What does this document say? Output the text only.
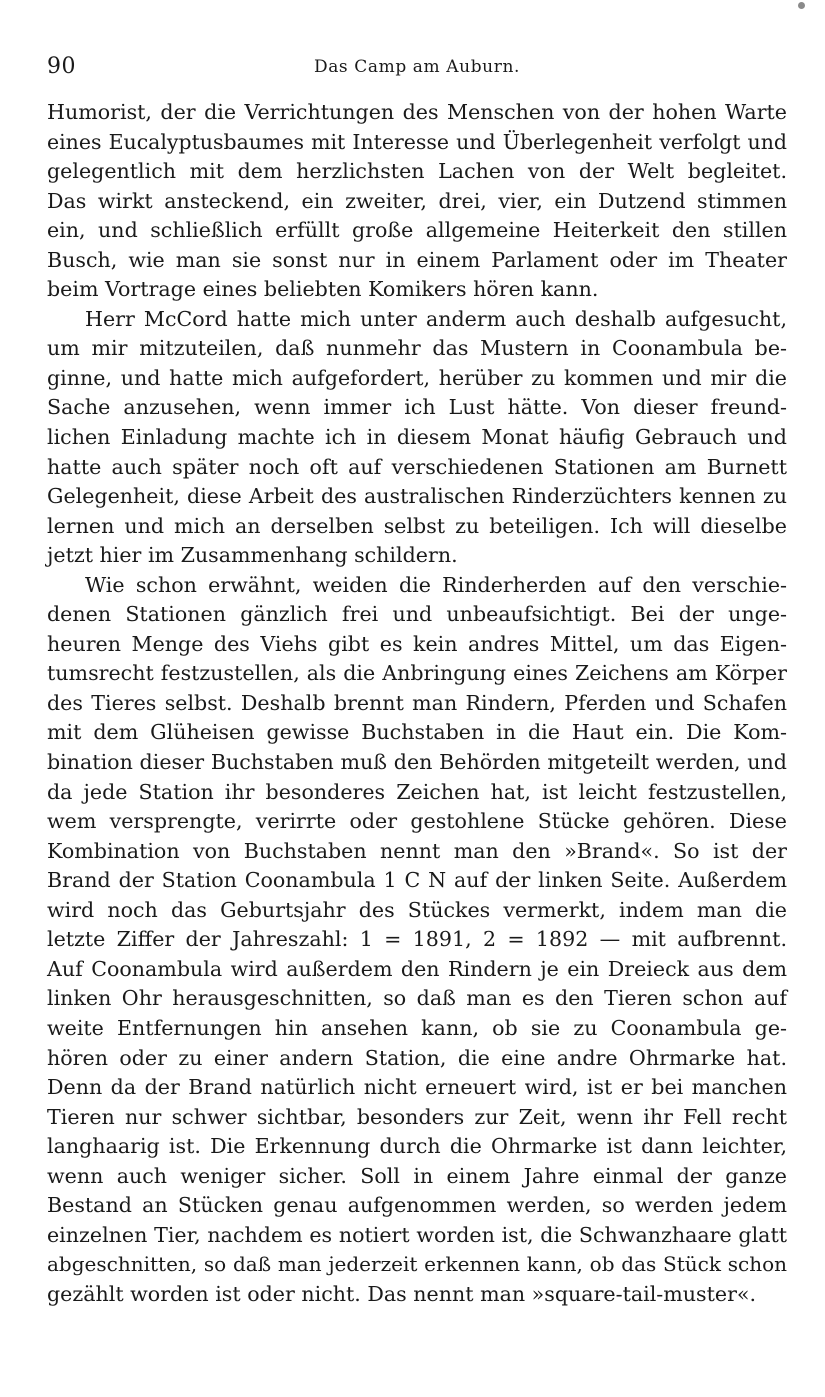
90	Das Camp am Auburn.

Humorist, der die Verrichtungen des Menschen von der hohen Warte
eines Eucalyptusbaumes mit Interesse und Überlegenheit verfolgt und
gelegentlich mit dem herzlichsten Lachen von der Welt begleitet.
Das wirkt ansteckend, ein zweiter, drei, vier, ein Dutzend stimmen
ein, und schließlich erfüllt große allgemeine Heiterkeit den stillen
Busch, wie man sie sonst nur in einem Parlament oder im Theater
beim Vortrage eines beliebten Komikers hören kann.

Herr McCord hatte mich unter anderm auch deshalb aufgesucht,
um mir mitzuteilen, daß nunmehr das Mustern in Coonambula be-
ginne, und hatte mich aufgefordert, herüber zu kommen und mir die
Sache anzusehen, wenn immer ich Lust hätte. Von dieser freund-
lichen Einladung machte ich in diesem Monat häufig Gebrauch und
hatte auch später noch oft auf verschiedenen Stationen am Burnett
Gelegenheit, diese Arbeit des australischen Rinderzüchters kennen zu
lernen und mich an derselben selbst zu beteiligen. Ich will dieselbe
jetzt hier im Zusammenhang schildern.

Wie schon erwähnt, weiden die Rinderherden auf den verschie-
denen Stationen gänzlich frei und unbeaufsichtigt. Bei der unge-
heuren Menge des Viehs gibt es kein andres Mittel, um das Eigen-
tumsrecht festzustellen, als die Anbringung eines Zeichens am Körper
des Tieres selbst. Deshalb brennt man Rindern, Pferden und Schafen
mit dem Glüheisen gewisse Buchstaben in die Haut ein. Die Kom-
bination dieser Buchstaben muß den Behörden mitgeteilt werden, und
da jede Station ihr besonderes Zeichen hat, ist leicht festzustellen,
wem versprengte, verirrte oder gestohlene Stücke gehören. Diese
Kombination von Buchstaben nennt man den »Brand«. So ist der
Brand der Station Coonambula 1 C N auf der linken Seite. Außerdem
wird noch das Geburtsjahr des Stückes vermerkt, indem man die
letzte Ziffer der Jahreszahl: 1 = 1891, 2 = 1892 — mit aufbrennt.
Auf Coonambula wird außerdem den Rindern je ein Dreieck aus dem
linken Ohr herausgeschnitten, so daß man es den Tieren schon auf
weite Entfernungen hin ansehen kann, ob sie zu Coonambula ge-
hören oder zu einer andern Station, die eine andre Ohrmarke hat.
Denn da der Brand natürlich nicht erneuert wird, ist er bei manchen
Tieren nur schwer sichtbar, besonders zur Zeit, wenn ihr Fell recht
langhaarig ist. Die Erkennung durch die Ohrmarke ist dann leichter,
wenn auch weniger sicher. Soll in einem Jahre einmal der ganze
Bestand an Stücken genau aufgenommen werden, so werden jedem
einzelnen Tier, nachdem es notiert worden ist, die Schwanzhaare glatt
abgeschnitten, so daß man jederzeit erkennen kann, ob das Stück schon
gezählt worden ist oder nicht. Das nennt man »square-tail-muster«.
